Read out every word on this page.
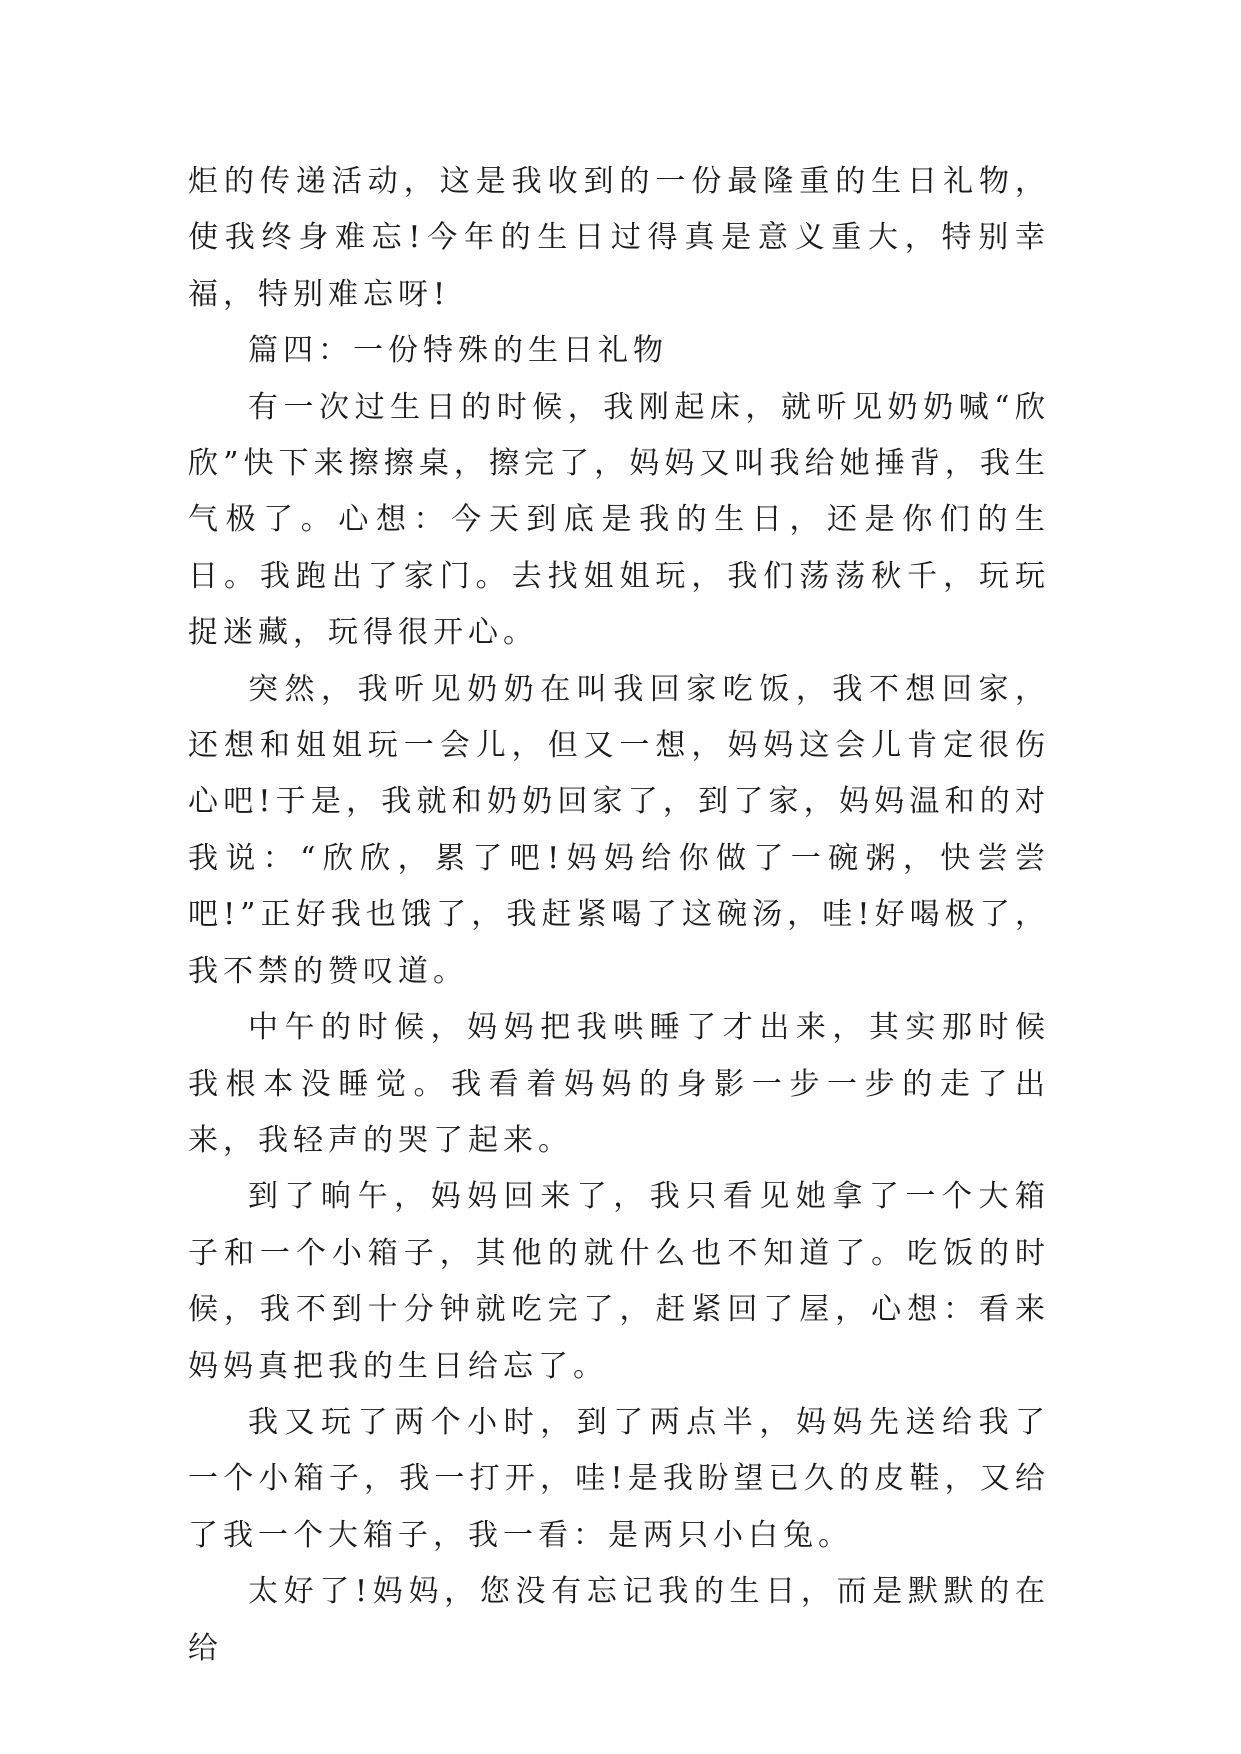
炬的传递活动，这是我收到的一份最隆重的生日礼物，使我终身难忘!今年的生日过得真是意义重大，特别幸福，特别难忘呀!

篇四：一份特殊的生日礼物

有一次过生日的时候，我刚起床，就听见奶奶喊“欣欣”快下来擦擦桌，擦完了，妈妈又叫我给她捶背，我生气极了。心想：今天到底是我的生日，还是你们的生日。我跑出了家门。去找姐姐玩，我们荡荡秋千，玩玩捉迷藏，玩得很开心。

突然，我听见奶奶在叫我回家吃饭，我不想回家，还想和姐姐玩一会儿，但又一想，妈妈这会儿肯定很伤心吧!于是，我就和奶奶回家了，到了家，妈妈温和的对我说：“欣欣，累了吧!妈妈给你做了一碗粥，快尝尝吧!”正好我也饿了，我赶紧喝了这碗汤，哇!好喝极了，我不禁的赞叹道。

中午的时候，妈妈把我哄睡了才出来，其实那时候我根本没睡觉。我看着妈妈的身影一步一步的走了出来，我轻声的哭了起来。

到了晌午，妈妈回来了，我只看见她拿了一个大箱子和一个小箱子，其他的就什么也不知道了。吃饭的时候，我不到十分钟就吃完了，赶紧回了屋，心想：看来妈妈真把我的生日给忘了。

我又玩了两个小时，到了两点半，妈妈先送给我了一个小箱子，我一打开，哇!是我盼望已久的皮鞋，又给了我一个大箱子，我一看：是两只小白兔。

太好了!妈妈，您没有忘记我的生日，而是默默的在给
